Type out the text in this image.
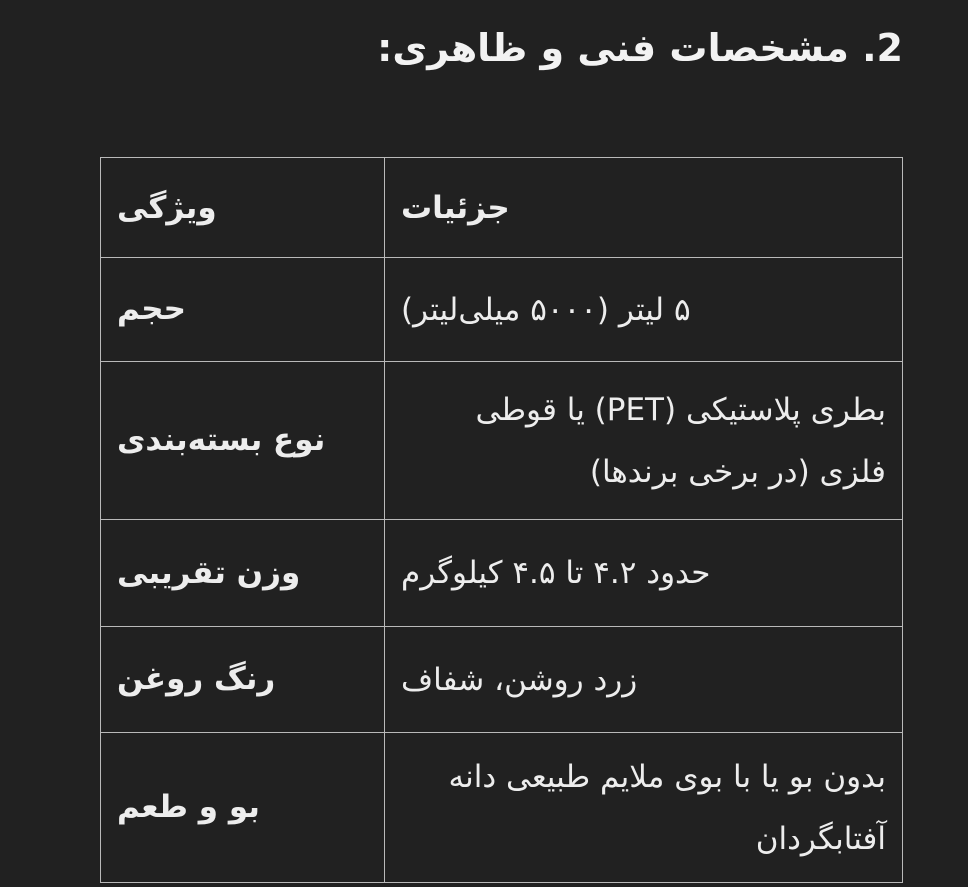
2. مشخصات فنی و ظاهری:
ویژگی	جزئیات
حجم	۵ لیتر (۵۰۰۰ میلی‌لیتر)
نوع بسته‌بندی	بطری پلاستیکی (PET) یا قوطی فلزی (در برخی برندها)
وزن تقریبی	حدود ۴.۲ تا ۴.۵ کیلوگرم
رنگ روغن	زرد روشن، شفاف
بو و طعم	بدون بو یا با بوی ملایم طبیعی دانه آفتابگردان
